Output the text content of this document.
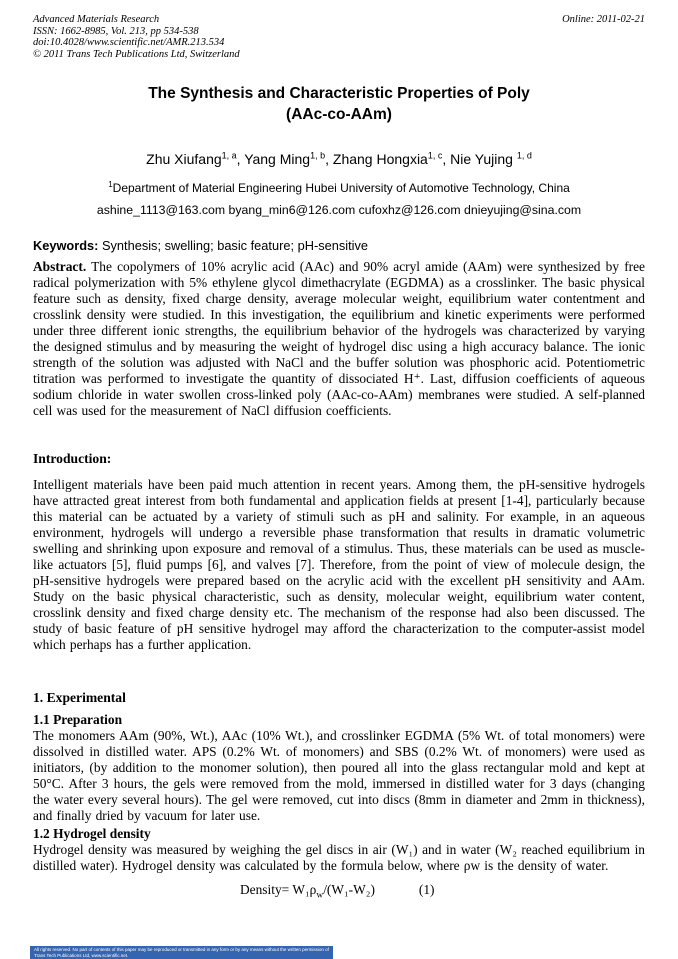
Advanced Materials Research
ISSN: 1662-8985, Vol. 213, pp 534-538
doi:10.4028/www.scientific.net/AMR.213.534
© 2011 Trans Tech Publications Ltd, Switzerland
Online: 2011-02-21
The Synthesis and Characteristic Properties of Poly
(AAc-co-AAm)
Zhu Xiufang$^{1, a}$, Yang Ming$^{1, b}$, Zhang Hongxia$^{1, c}$, Nie Yujing $^{1, d}$
$^1$Department of Material Engineering Hubei University of Automotive Technology, China
ashine_1113@163.com byang_min6@126.com cufoxhz@126.com dnieyujing@sina.com
Keywords: Synthesis; swelling; basic feature; pH-sensitive

Abstract. The copolymers of 10% acrylic acid (AAc) and 90% acryl amide (AAm) were synthesized by free radical polymerization with 5% ethylene glycol dimethacrylate (EGDMA) as a crosslinker. The basic physical feature such as density, fixed charge density, average molecular weight, equilibrium water contentment and crosslink density were studied. In this investigation, the equilibrium and kinetic experiments were performed under three different ionic strengths, the equilibrium behavior of the hydrogels was characterized by varying the designed stimulus and by measuring the weight of hydrogel disc using a high accuracy balance. The ionic strength of the solution was adjusted with NaCl and the buffer solution was phosphoric acid. Potentiometric titration was performed to investigate the quantity of dissociated H⁺. Last, diffusion coefficients of aqueous sodium chloride in water swollen cross-linked poly (AAc-co-AAm) membranes were studied. A self-planned cell was used for the measurement of NaCl diffusion coefficients.

Introduction:

Intelligent materials have been paid much attention in recent years. Among them, the pH-sensitive hydrogels have attracted great interest from both fundamental and application fields at present [1-4], particularly because this material can be actuated by a variety of stimuli such as pH and salinity. For example, in an aqueous environment, hydrogels will undergo a reversible phase transformation that results in dramatic volumetric swelling and shrinking upon exposure and removal of a stimulus. Thus, these materials can be used as muscle-like actuators [5], fluid pumps [6], and valves [7]. Therefore, from the point of view of molecule design, the pH-sensitive hydrogels were prepared based on the acrylic acid with the excellent pH sensitivity and AAm. Study on the basic physical characteristic, such as density, molecular weight, equilibrium water content, crosslink density and fixed charge density etc. The mechanism of the response had also been discussed. The study of basic feature of pH sensitive hydrogel may afford the characterization to the computer-assist model which perhaps has a further application.

1. Experimental
1.1 Preparation

The monomers AAm (90%, Wt.), AAc (10% Wt.), and crosslinker EGDMA (5% Wt. of total monomers) were dissolved in distilled water. APS (0.2% Wt. of monomers) and SBS (0.2% Wt. of monomers) were used as initiators, (by addition to the monomer solution), then poured all into the glass rectangular mold and kept at 50°C. After 3 hours, the gels were removed from the mold, immersed in distilled water for 3 days (changing the water every several hours). The gel were removed, cut into discs (8mm in diameter and 2mm in thickness), and finally dried by vacuum for later use.

1.2 Hydrogel density

Hydrogel density was measured by weighing the gel discs in air (W₁) and in water (W₂ reached equilibrium in distilled water). Hydrogel density was calculated by the formula below, where ρw is the density of water.

Density= $W_1\rho_w/(W_1-W_2)$	(1)
All rights reserved. No part of contents of this paper may be reproduced or transmitted in any form or by any means without the written permission of Trans Tech Publications Ltd, www.scientific.net.
